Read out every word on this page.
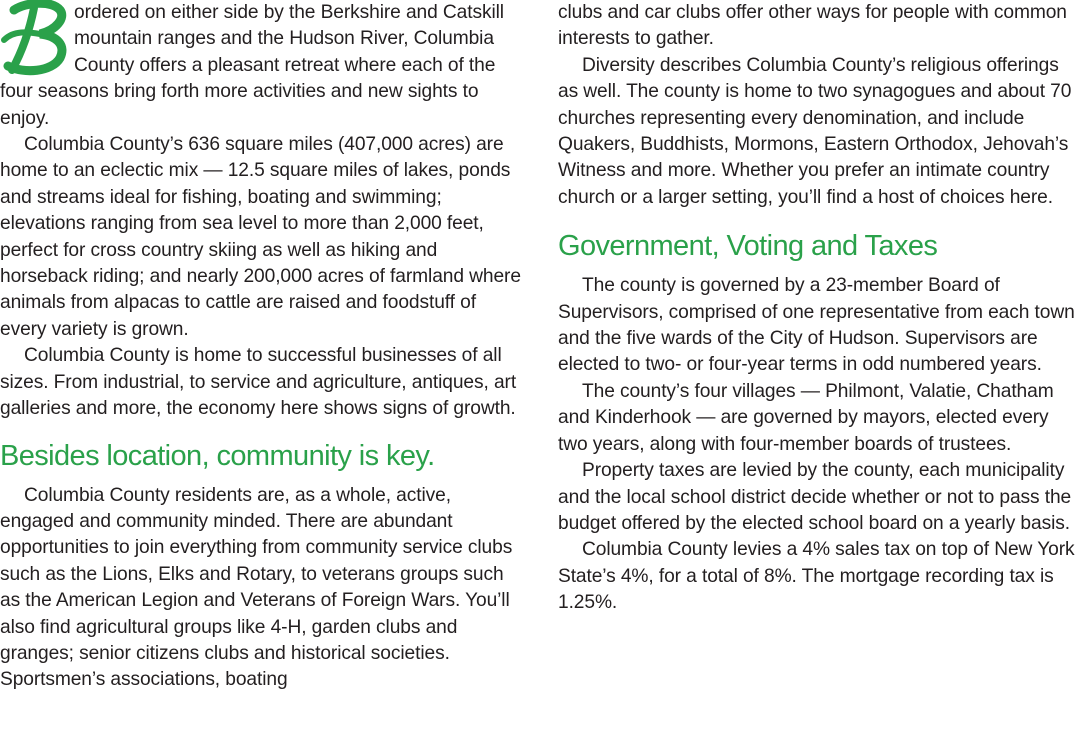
ordered on either side by the Berkshire and Catskill mountain ranges and the Hudson River, Columbia County offers a pleasant retreat where each of the four seasons bring forth more activities and new sights to enjoy.

Columbia County’s 636 square miles (407,000 acres) are home to an eclectic mix — 12.5 square miles of lakes, ponds and streams ideal for fishing, boating and swimming; elevations ranging from sea level to more than 2,000 feet, perfect for cross country skiing as well as hiking and horseback riding; and nearly 200,000 acres of farmland where animals from alpacas to cattle are raised and foodstuff of every variety is grown.

Columbia County is home to successful businesses of all sizes. From industrial, to service and agriculture, antiques, art galleries and more, the economy here shows signs of growth.

Besides location, community is key.

Columbia County residents are, as a whole, active, engaged and community minded. There are abundant opportunities to join everything from community service clubs such as the Lions, Elks and Rotary, to veterans groups such as the American Legion and Veterans of Foreign Wars. You’ll also find agricultural groups like 4-H, garden clubs and granges; senior citizens clubs and historical societies. Sportsmen’s associations, boating

clubs and car clubs offer other ways for people with common interests to gather.

Diversity describes Columbia County’s religious offerings as well. The county is home to two synagogues and about 70 churches representing every denomination, and include Quakers, Buddhists, Mormons, Eastern Orthodox, Jehovah’s Witness and more. Whether you prefer an intimate country church or a larger setting, you’ll find a host of choices here.

Government, Voting and Taxes

The county is governed by a 23-member Board of Supervisors, comprised of one representative from each town and the five wards of the City of Hudson. Supervisors are elected to two- or four-year terms in odd numbered years.

The county’s four villages — Philmont, Valatie, Chatham and Kinderhook — are governed by mayors, elected every two years, along with four-member boards of trustees.

Property taxes are levied by the county, each municipality and the local school district decide whether or not to pass the budget offered by the elected school board on a yearly basis.

Columbia County levies a 4% sales tax on top of New York State’s 4%, for a total of 8%. The mortgage recording tax is 1.25%.
